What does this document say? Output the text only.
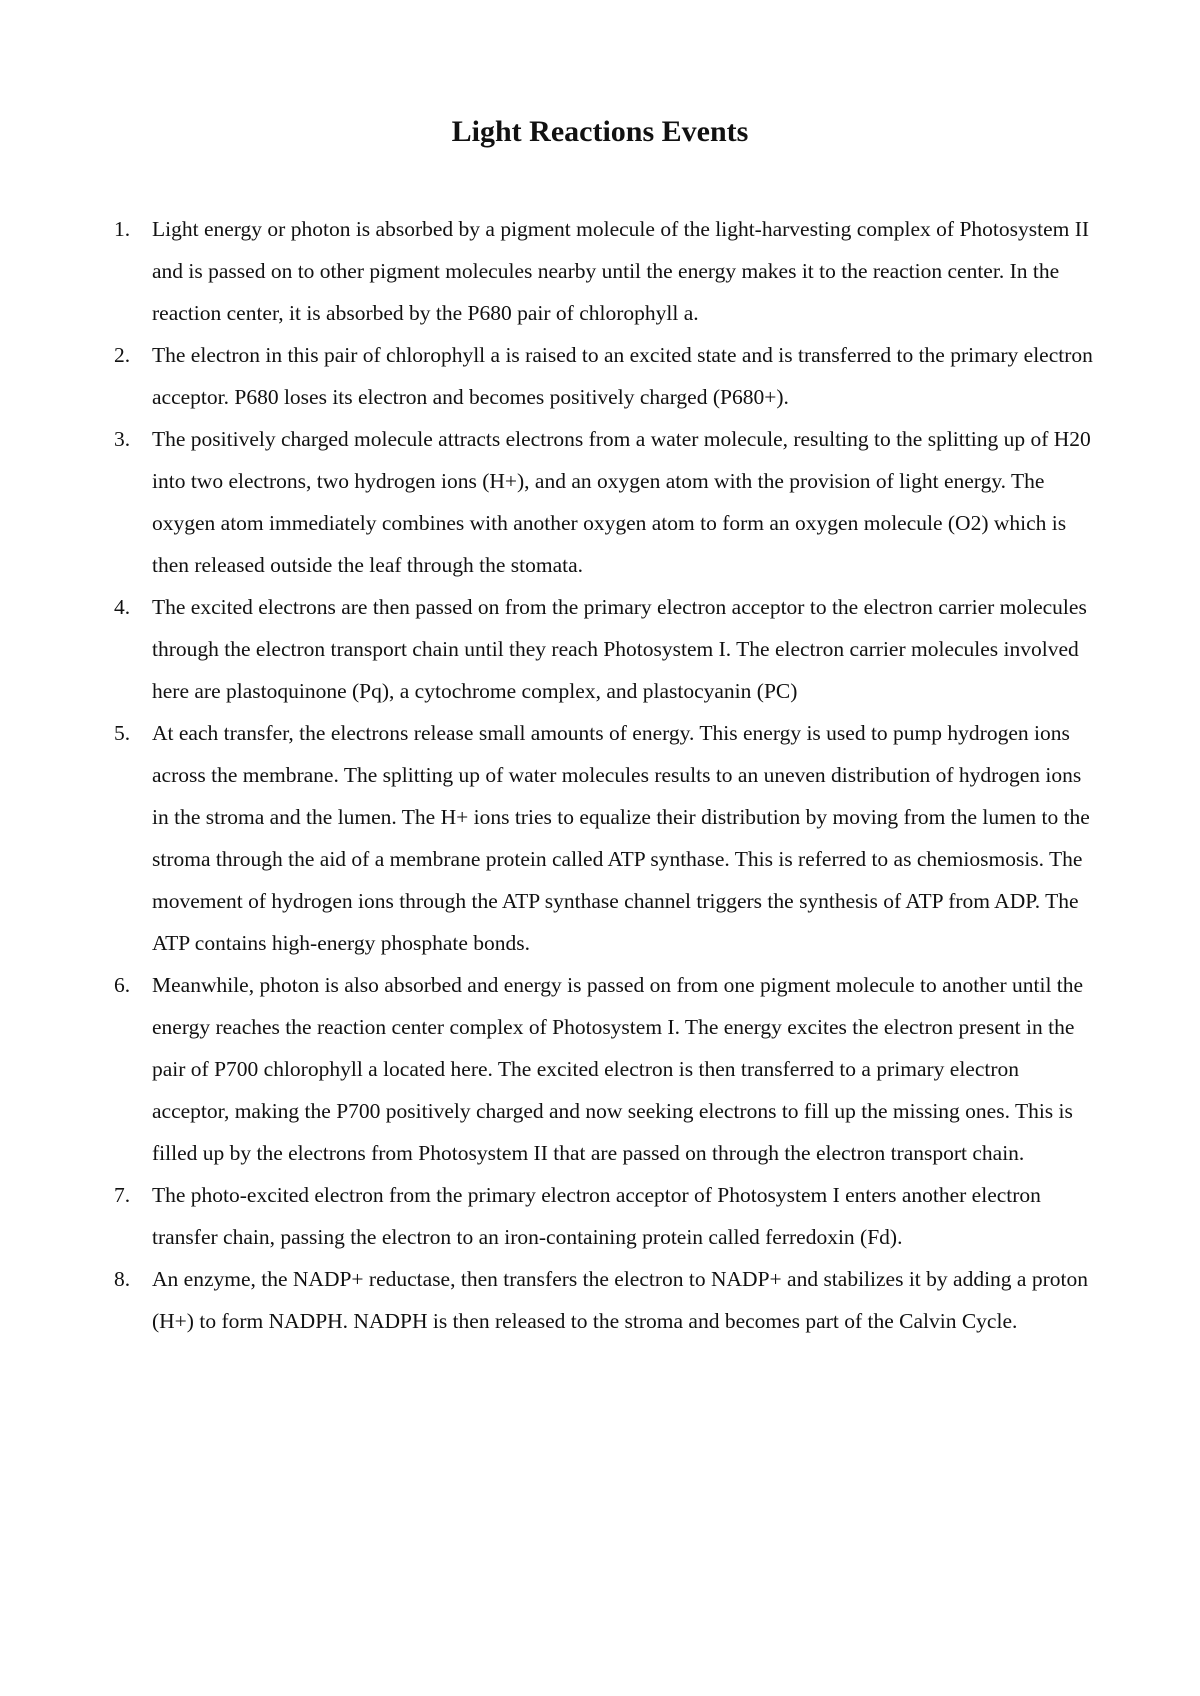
Light Reactions Events
1.	Light energy or photon is absorbed by a pigment molecule of the light-harvesting complex of Photosystem II and is passed on to other pigment molecules nearby until the energy makes it to the reaction center. In the reaction center, it is absorbed by the P680 pair of chlorophyll a.
2.	The electron in this pair of chlorophyll a is raised to an excited state and is transferred to the primary electron acceptor. P680 loses its electron and becomes positively charged (P680+).
3.	The positively charged molecule attracts electrons from a water molecule, resulting to the splitting up of H20 into two electrons, two hydrogen ions (H+), and an oxygen atom with the provision of light energy. The oxygen atom immediately combines with another oxygen atom to form an oxygen molecule (O2) which is then released outside the leaf through the stomata.
4.	The excited electrons are then passed on from the primary electron acceptor to the electron carrier molecules through the electron transport chain until they reach Photosystem I. The electron carrier molecules involved here are plastoquinone (Pq), a cytochrome complex, and plastocyanin (PC)
5.	At each transfer, the electrons release small amounts of energy. This energy is used to pump hydrogen ions across the membrane. The splitting up of water molecules results to an uneven distribution of hydrogen ions in the stroma and the lumen. The H+ ions tries to equalize their distribution by moving from the lumen to the stroma through the aid of a membrane protein called ATP synthase. This is referred to as chemiosmosis. The movement of hydrogen ions through the ATP synthase channel triggers the synthesis of ATP from ADP. The ATP contains high-energy phosphate bonds.
6.	Meanwhile, photon is also absorbed and energy is passed on from one pigment molecule to another until the energy reaches the reaction center complex of Photosystem I. The energy excites the electron present in the pair of P700 chlorophyll a located here. The excited electron is then transferred to a primary electron acceptor, making the P700 positively charged and now seeking electrons to fill up the missing ones. This is filled up by the electrons from Photosystem II that are passed on through the electron transport chain.
7.	The photo-excited electron from the primary electron acceptor of Photosystem I enters another electron transfer chain, passing the electron to an iron-containing protein called ferredoxin (Fd).
8.	An enzyme, the NADP+ reductase, then transfers the electron to NADP+ and stabilizes it by adding a proton (H+) to form NADPH. NADPH is then released to the stroma and becomes part of the Calvin Cycle.
